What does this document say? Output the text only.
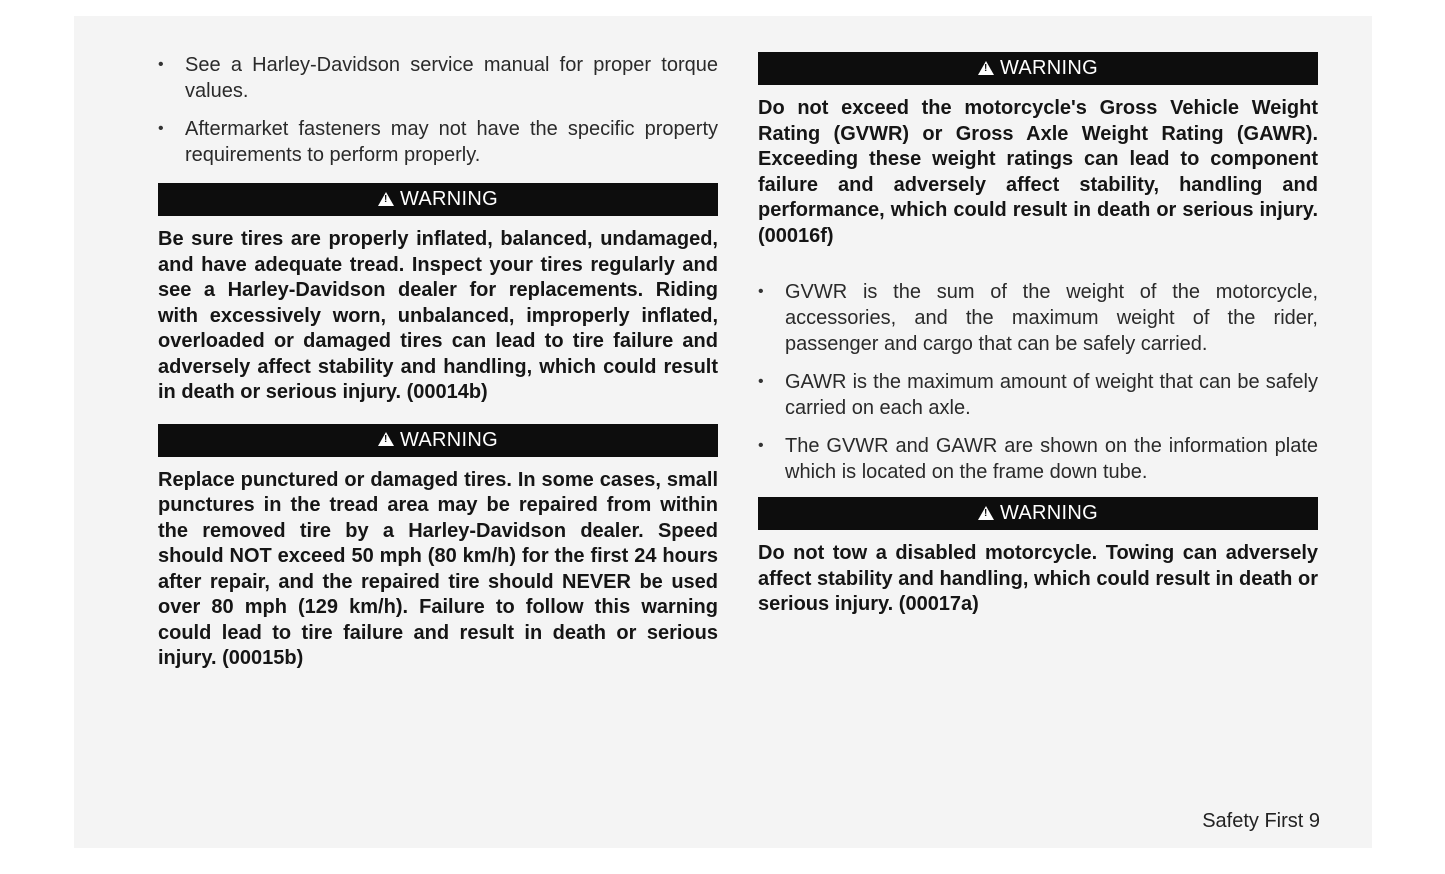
• See a Harley-Davidson service manual for proper torque values.
• Aftermarket fasteners may not have the specific property requirements to perform properly.
!
WARNING

Be sure tires are properly inflated, balanced, undamaged, and have adequate tread. Inspect your tires regularly and see a Harley-Davidson dealer for replacements. Riding with excessively worn, unbalanced, improperly inflated, overloaded or damaged tires can lead to tire failure and adversely affect stability and handling, which could result in death or serious injury. (00014b)

!
WARNING

Replace punctured or damaged tires. In some cases, small punctures in the tread area may be repaired from within the removed tire by a Harley-Davidson dealer. Speed should NOT exceed 50 mph (80 km/h) for the first 24 hours after repair, and the repaired tire should NEVER be used over 80 mph (129 km/h). Failure to follow this warning could lead to tire failure and result in death or serious injury. (00015b)

!
WARNING

Do not exceed the motorcycle's Gross Vehicle Weight Rating (GVWR) or Gross Axle Weight Rating (GAWR). Exceeding these weight ratings can lead to component failure and adversely affect stability, handling and performance, which could result in death or serious injury. (00016f)

• GVWR is the sum of the weight of the motorcycle, accessories, and the maximum weight of the rider, passenger and cargo that can be safely carried.
• GAWR is the maximum amount of weight that can be safely carried on each axle.
• The GVWR and GAWR are shown on the information plate which is located on the frame down tube.
!
WARNING

Do not tow a disabled motorcycle. Towing can adversely affect stability and handling, which could result in death or serious injury. (00017a)

Safety First 9
